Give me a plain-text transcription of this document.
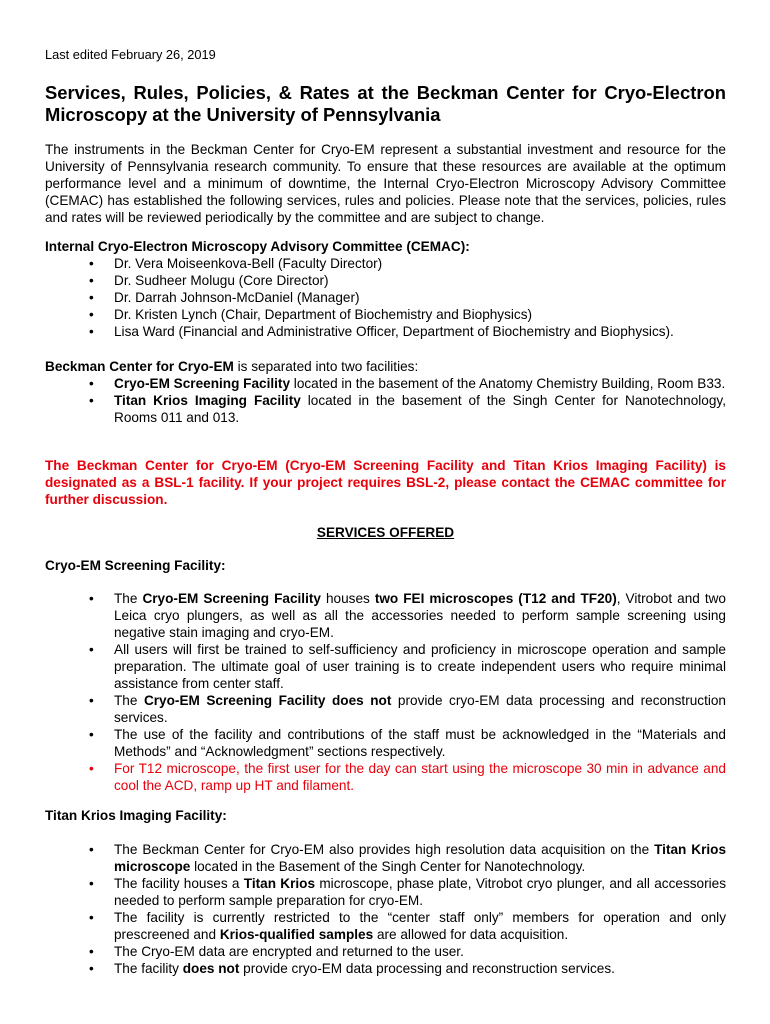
Last edited February 26, 2019
Services, Rules, Policies, & Rates at the Beckman Center for Cryo-Electron
Microscopy at the University of Pennsylvania

The instruments in the Beckman Center for Cryo-EM represent a substantial investment and resource for the University of Pennsylvania research community. To ensure that these resources are available at the optimum performance level and a minimum of downtime, the Internal Cryo-Electron Microscopy Advisory Committee (CEMAC) has established the following services, rules and policies. Please note that the services, policies, rules and rates will be reviewed periodically by the committee and are subject to change.

Internal Cryo-Electron Microscopy Advisory Committee (CEMAC):
• Dr. Vera Moiseenkova-Bell (Faculty Director)
• Dr. Sudheer Molugu (Core Director)
• Dr. Darrah Johnson-McDaniel (Manager)
• Dr. Kristen Lynch (Chair, Department of Biochemistry and Biophysics)
• Lisa Ward (Financial and Administrative Officer, Department of Biochemistry and Biophysics).
Beckman Center for Cryo-EM is separated into two facilities:
• Cryo-EM Screening Facility located in the basement of the Anatomy Chemistry Building, Room B33.
• Titan Krios Imaging Facility located in the basement of the Singh Center for Nanotechnology, Rooms 011 and 013.

The Beckman Center for Cryo-EM (Cryo-EM Screening Facility and Titan Krios Imaging Facility) is designated as a BSL-1 facility. If your project requires BSL-2, please contact the CEMAC committee for further discussion.

SERVICES OFFERED
Cryo-EM Screening Facility:
• The Cryo-EM Screening Facility houses two FEI microscopes (T12 and TF20), Vitrobot and two Leica cryo plungers, as well as all the accessories needed to perform sample screening using negative stain imaging and cryo-EM.
• All users will first be trained to self-sufficiency and proficiency in microscope operation and sample preparation. The ultimate goal of user training is to create independent users who require minimal assistance from center staff.
• The Cryo-EM Screening Facility does not provide cryo-EM data processing and reconstruction services.
• The use of the facility and contributions of the staff must be acknowledged in the “Materials and Methods” and “Acknowledgment” sections respectively.
• For T12 microscope, the first user for the day can start using the microscope 30 min in advance and cool the ACD, ramp up HT and filament.
Titan Krios Imaging Facility:
• The Beckman Center for Cryo-EM also provides high resolution data acquisition on the Titan Krios microscope located in the Basement of the Singh Center for Nanotechnology.
• The facility houses a Titan Krios microscope, phase plate, Vitrobot cryo plunger, and all accessories needed to perform sample preparation for cryo-EM.
• The facility is currently restricted to the “center staff only” members for operation and only prescreened and Krios-qualified samples are allowed for data acquisition.
• The Cryo-EM data are encrypted and returned to the user.
• The facility does not provide cryo-EM data processing and reconstruction services.
